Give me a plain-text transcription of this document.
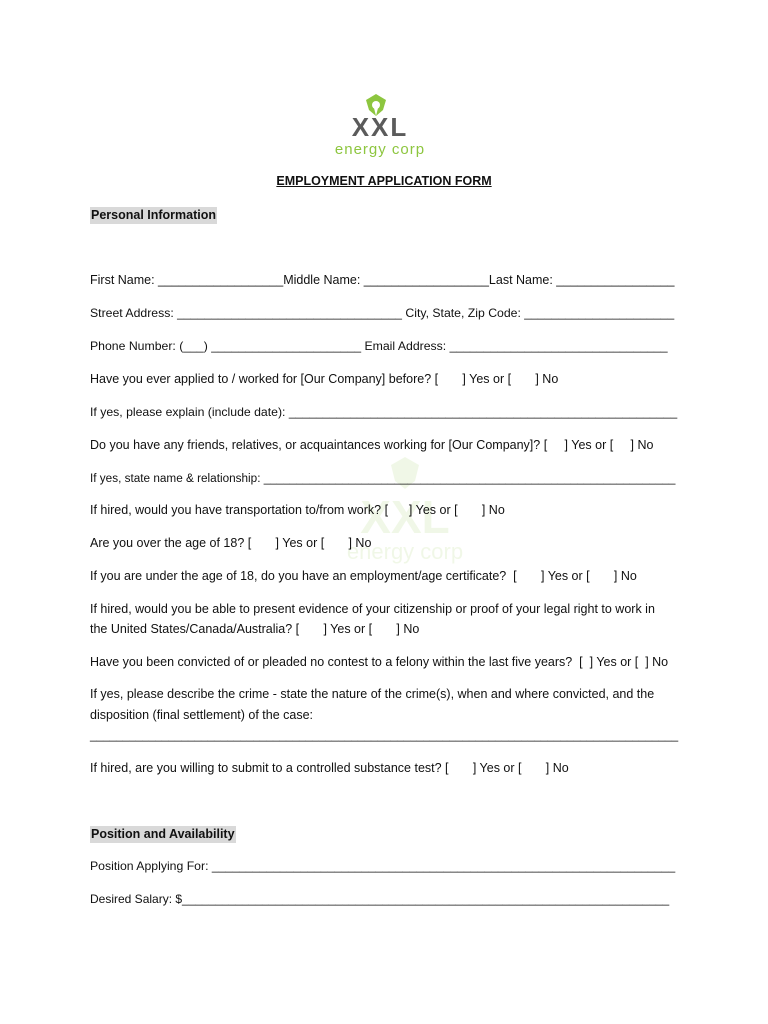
XXL
energy corp
XXL
energy corp
EMPLOYMENT APPLICATION FORM
Personal Information
First Name: __________________Middle Name: __________________Last Name: _________________
Street Address: _________________________________ City, State, Zip Code: ______________________
Phone Number: (___) ______________________ Email Address: ________________________________
Have you ever applied to / worked for [Our Company] before? [       ] Yes or [       ] No
If yes, please explain (include date): _________________________________________________________
Do you have any friends, relatives, or acquaintances working for [Our Company]? [     ] Yes or [     ] No
If yes, state name & relationship: _______________________________________________________________
If hired, would you have transportation to/from work? [      ] Yes or [       ] No
Are you over the age of 18? [       ] Yes or [       ] No
If you are under the age of 18, do you have an employment/age certificate?  [       ] Yes or [       ] No
If hired, would you be able to present evidence of your citizenship or proof of your legal right to work in
the United States/Canada/Australia? [       ] Yes or [       ] No
Have you been convicted of or pleaded no contest to a felony within the last five years?  [  ] Yes or [  ] No
If yes, please describe the crime - state the nature of the crime(s), when and where convicted, and the
disposition (final settlement) of the case:
__________________________________________________________________________________________
If hired, are you willing to submit to a controlled substance test? [       ] Yes or [       ] No
Position and Availability
Position Applying For: ____________________________________________________________________
Desired Salary: $_________________________________________________________________________
